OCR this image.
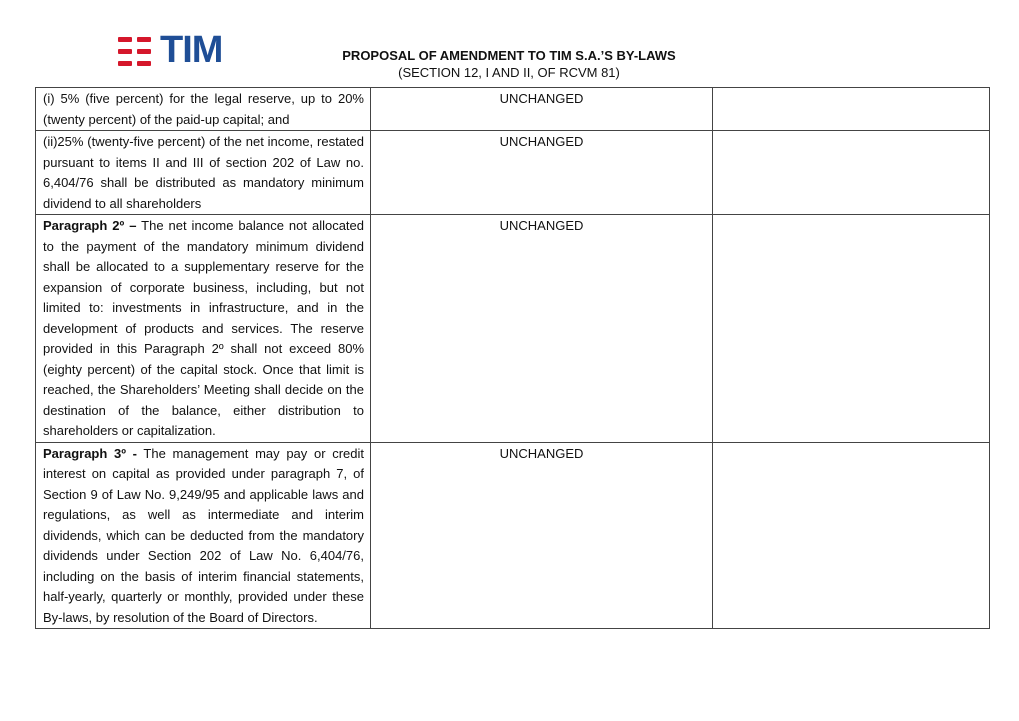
TIM	PROPOSAL OF AMENDMENT TO TIM S.A.’S BY-LAWS
(SECTION 12, I AND II, OF RCVM 81)
(i) 5% (five percent) for the legal reserve, up to 20% (twenty percent) of the paid-up capital; and	UNCHANGED	

(ii)25% (twenty-five percent) of the net income, restated pursuant to items II and III of section 202 of Law no. 6,404/76 shall be distributed as mandatory minimum dividend to all shareholders	UNCHANGED	

Paragraph 2º – The net income balance not allocated to the payment of the mandatory minimum dividend shall be allocated to a supplementary reserve for the expansion of corporate business, including, but not limited to: investments in infrastructure, and in the development of products and services. The reserve provided in this Paragraph 2º shall not exceed 80% (eighty percent) of the capital stock. Once that limit is reached, the Shareholders’ Meeting shall decide on the destination of the balance, either distribution to shareholders or capitalization.	UNCHANGED	

Paragraph 3º - The management may pay or credit interest on capital as provided under paragraph 7, of Section 9 of Law No. 9,249/95 and applicable laws and regulations, as well as intermediate and interim dividends, which can be deducted from the mandatory dividends under Section 202 of Law No. 6,404/76, including on the basis of interim financial statements, half-yearly, quarterly or monthly, provided under these By-laws, by resolution of the Board of Directors.	UNCHANGED	
